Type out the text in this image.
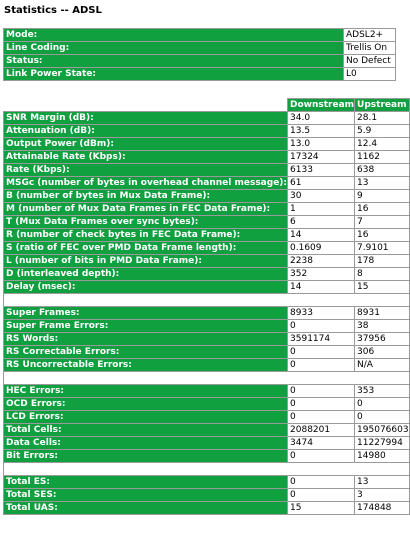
Statistics -- ADSL
Mode:	ADSL2+
Line Coding:	Trellis On
Status:	No Defect
Link Power State:	L0
	Downstream	Upstream
SNR Margin (dB):	34.0	28.1
Attenuation (dB):	13.5	5.9
Output Power (dBm):	13.0	12.4
Attainable Rate (Kbps):	17324	1162
Rate (Kbps):	6133	638
MSGc (number of bytes in overhead channel message):	61	13
B (number of bytes in Mux Data Frame):	30	9
M (number of Mux Data Frames in FEC Data Frame):	1	16
T (Mux Data Frames over sync bytes):	6	7
R (number of check bytes in FEC Data Frame):	14	16
S (ratio of FEC over PMD Data Frame length):	0.1609	7.9101
L (number of bits in PMD Data Frame):	2238	178
D (interleaved depth):	352	8
Delay (msec):	14	15

Super Frames:	8933	8931
Super Frame Errors:	0	38
RS Words:	3591174	37956
RS Correctable Errors:	0	306
RS Uncorrectable Errors:	0	N/A

HEC Errors:	0	353
OCD Errors:	0	0
LCD Errors:	0	0
Total Cells:	2088201	195076603
Data Cells:	3474	11227994
Bit Errors:	0	14980

Total ES:	0	13
Total SES:	0	3
Total UAS:	15	174848
